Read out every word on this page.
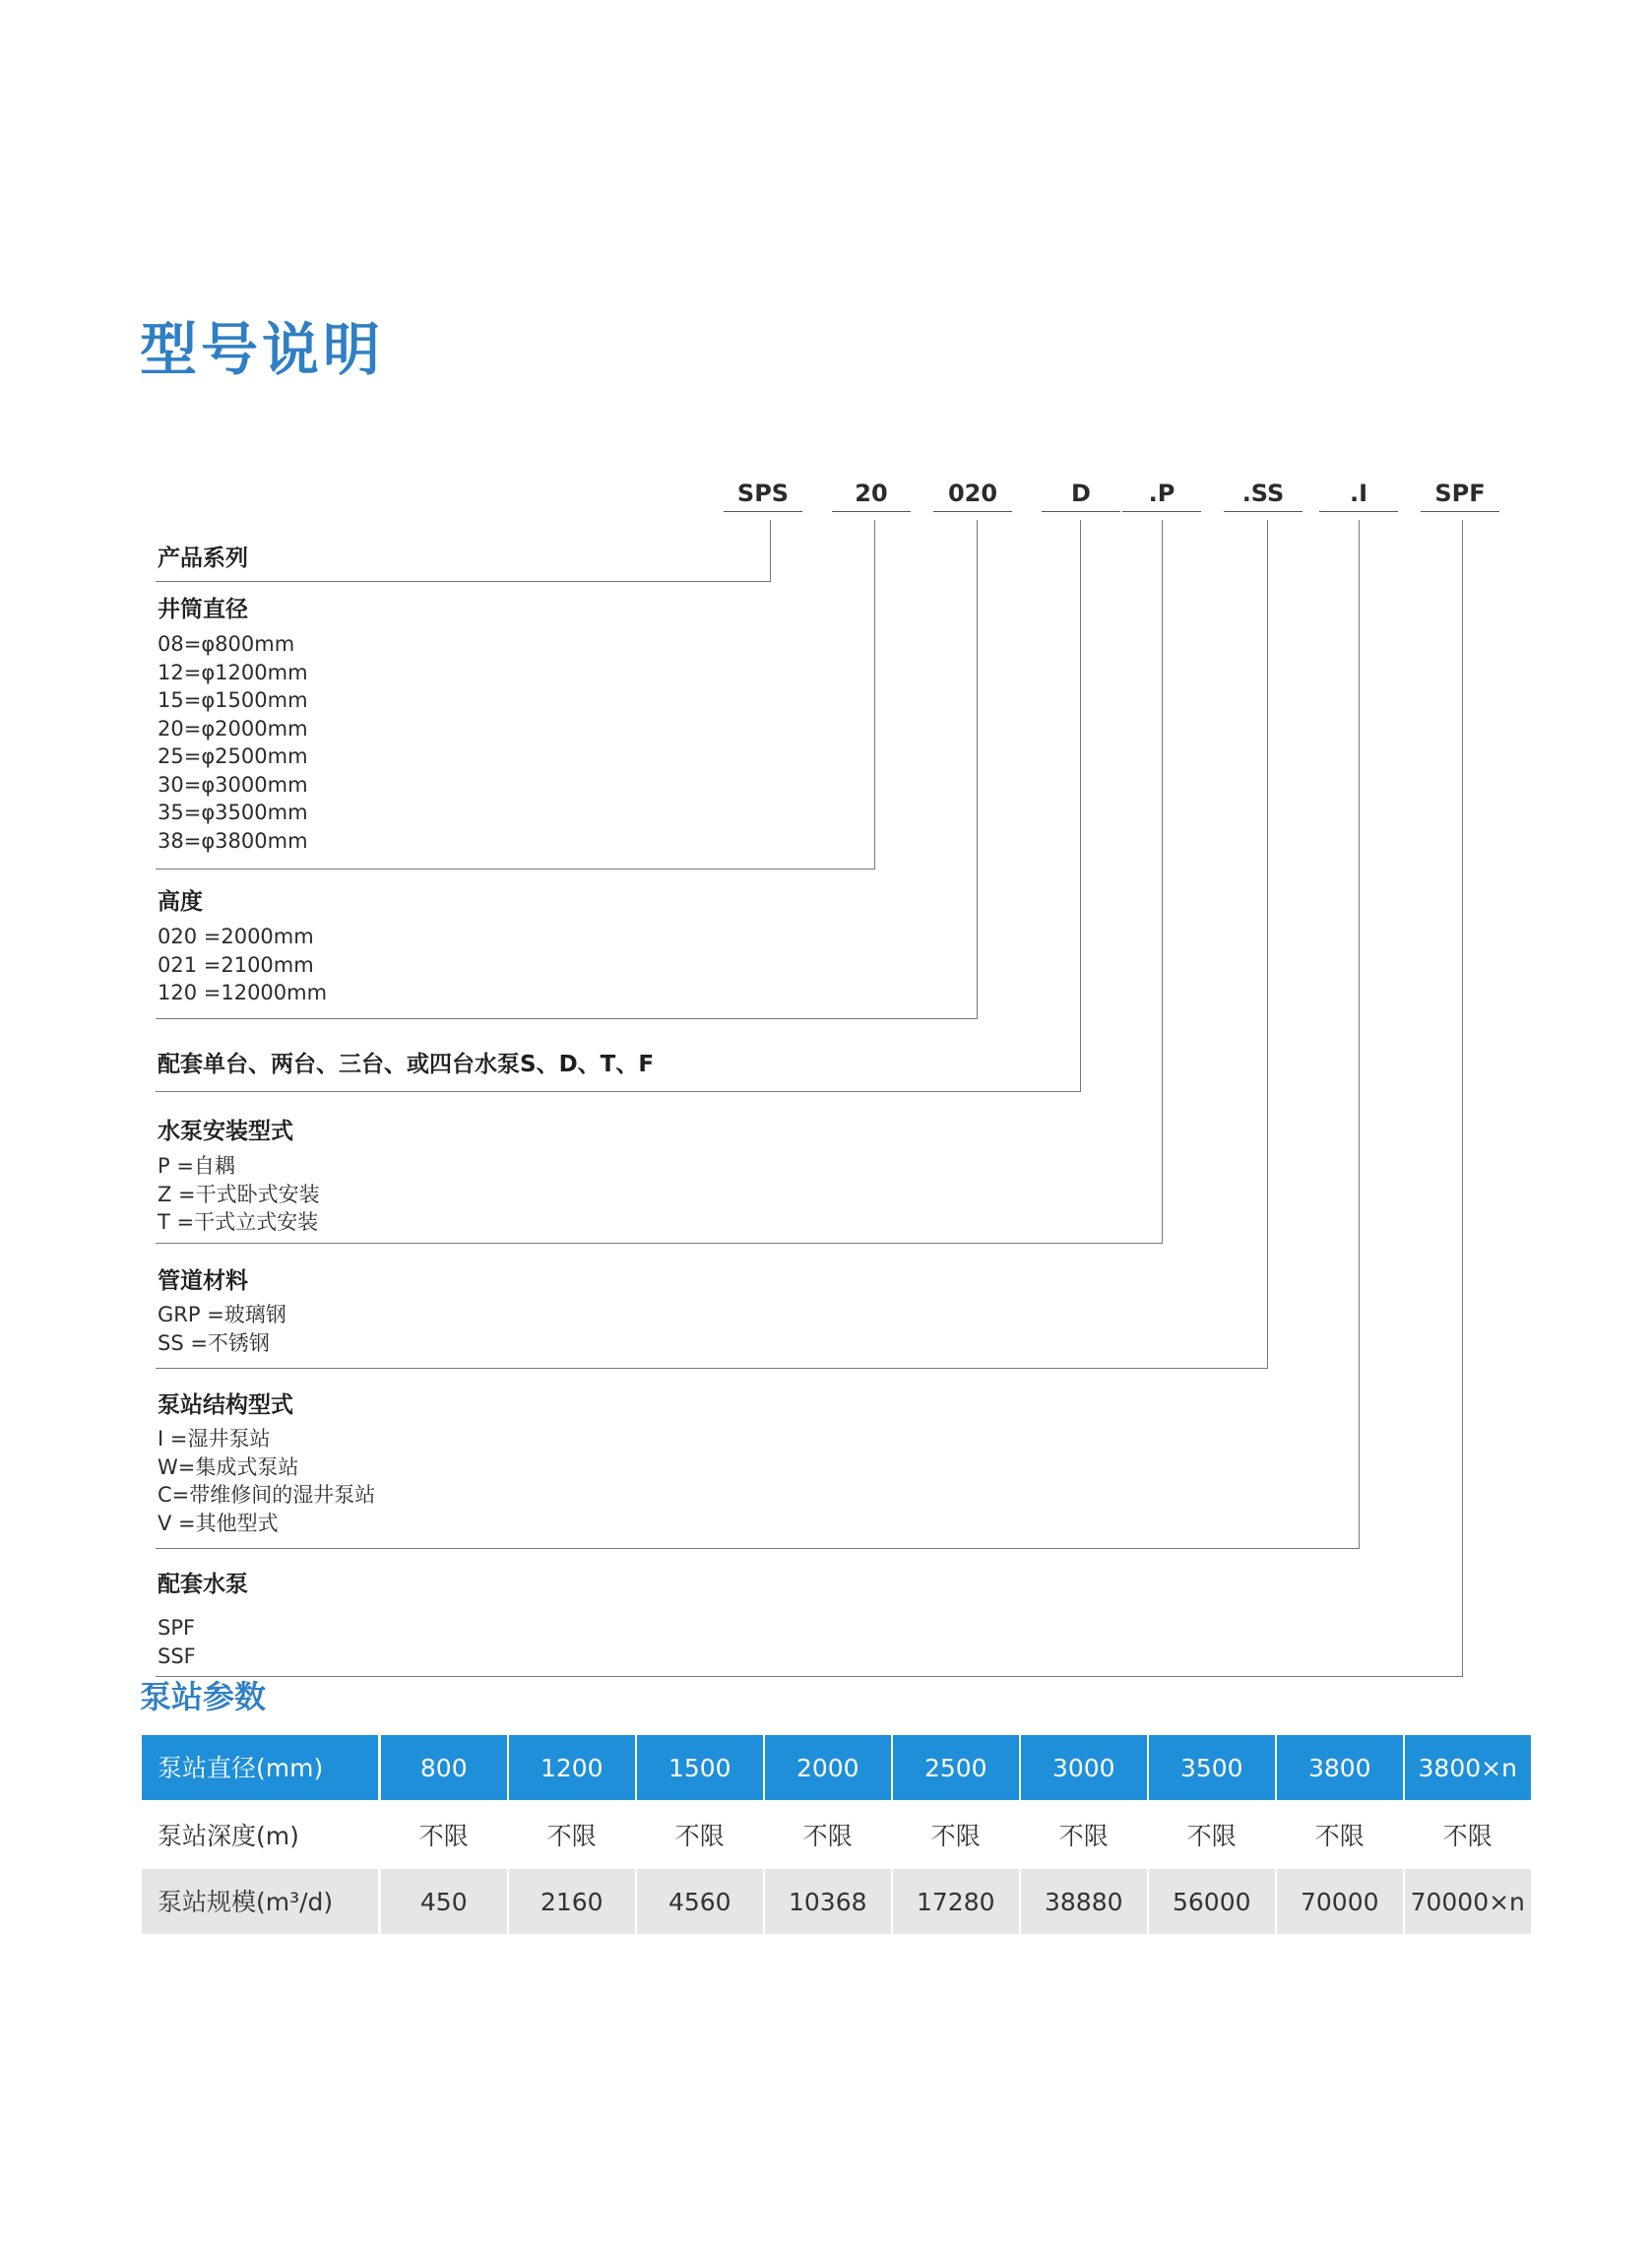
型号说明
SPS	20	020	D	.P	.SS	.I	SPF
产品系列
井筒直径
08=φ800mm
12=φ1200mm
15=φ1500mm
20=φ2000mm
25=φ2500mm
30=φ3000mm
35=φ3500mm
38=φ3800mm
高度
020 =2000mm
021 =2100mm
120 =12000mm
配套单台、两台、三台、或四台水泵S、D、T、F
水泵安装型式
P =自耦
Z =干式卧式安装
T =干式立式安装
管道材料
GRP =玻璃钢
SS =不锈钢
泵站结构型式
I =湿井泵站
W=集成式泵站
C=带维修间的湿井泵站
V =其他型式
配套水泵
SPF
SSF
泵站参数
泵站直径(mm)	800	1200	1500	2000	2500	3000	3500	3800	3800×n
泵站深度(m)	不限	不限	不限	不限	不限	不限	不限	不限	不限
泵站规模(m³/d)	450	2160	4560	10368	17280	38880	56000	70000	70000×n
